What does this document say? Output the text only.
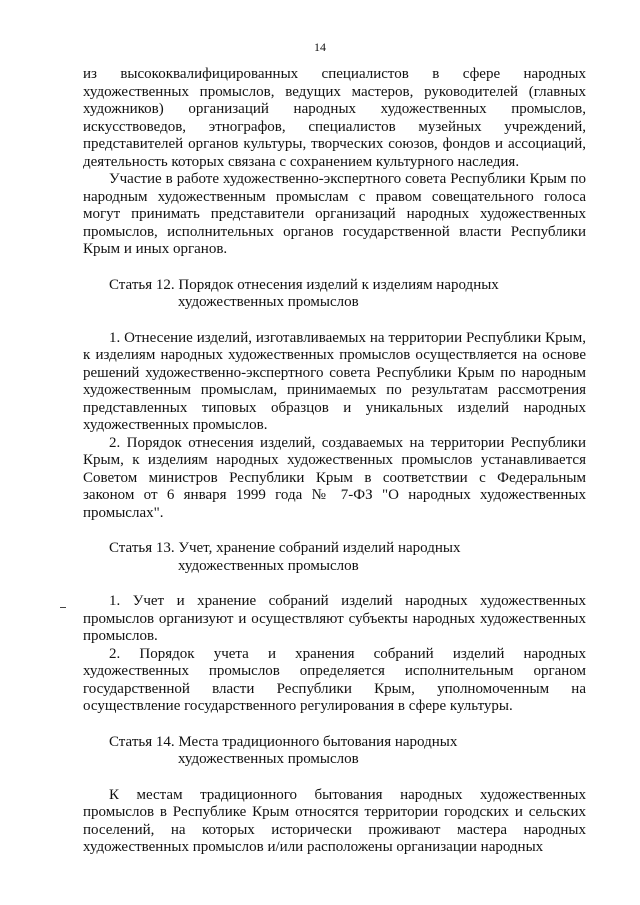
14

из высококвалифицированных специалистов в сфере народных художественных промыслов, ведущих мастеров, руководителей (главных художников) организаций народных художественных промыслов, искусствоведов, этнографов, специалистов музейных учреждений, представителей органов культуры, творческих союзов, фондов и ассоциаций, деятельность которых связана с сохранением культурного наследия.

Участие в работе художественно-экспертного совета Республики Крым по народным художественным промыслам с правом совещательного голоса могут принимать представители организаций народных художественных промыслов, исполнительных органов государственной власти Республики Крым и иных органов.

Статья 12. Порядок отнесения изделий к изделиям народных
художественных промыслов

1. Отнесение изделий, изготавливаемых на территории Республики Крым, к изделиям народных художественных промыслов осуществляется на основе решений художественно-экспертного совета Республики Крым по народным художественным промыслам, принимаемых по результатам рассмотрения представленных типовых образцов и уникальных изделий народных художественных промыслов.

2. Порядок отнесения изделий, создаваемых на территории Республики Крым, к изделиям народных художественных промыслов устанавливается Советом министров Республики Крым в соответствии с Федеральным законом от 6 января 1999 года № 7-ФЗ "О народных художественных промыслах".

Статья 13. Учет, хранение собраний изделий народных
художественных промыслов

1. Учет и хранение собраний изделий народных художественных промыслов организуют и осуществляют субъекты народных художественных промыслов.

2. Порядок учета и хранения собраний изделий народных художественных промыслов определяется исполнительным органом государственной власти Республики Крым, уполномоченным на осуществление государственного регулирования в сфере культуры.

Статья 14. Места традиционного бытования народных
художественных промыслов

К местам традиционного бытования народных художественных промыслов в Республике Крым относятся территории городских и сельских поселений, на которых исторически проживают мастера народных художественных промыслов и/или расположены организации народных
